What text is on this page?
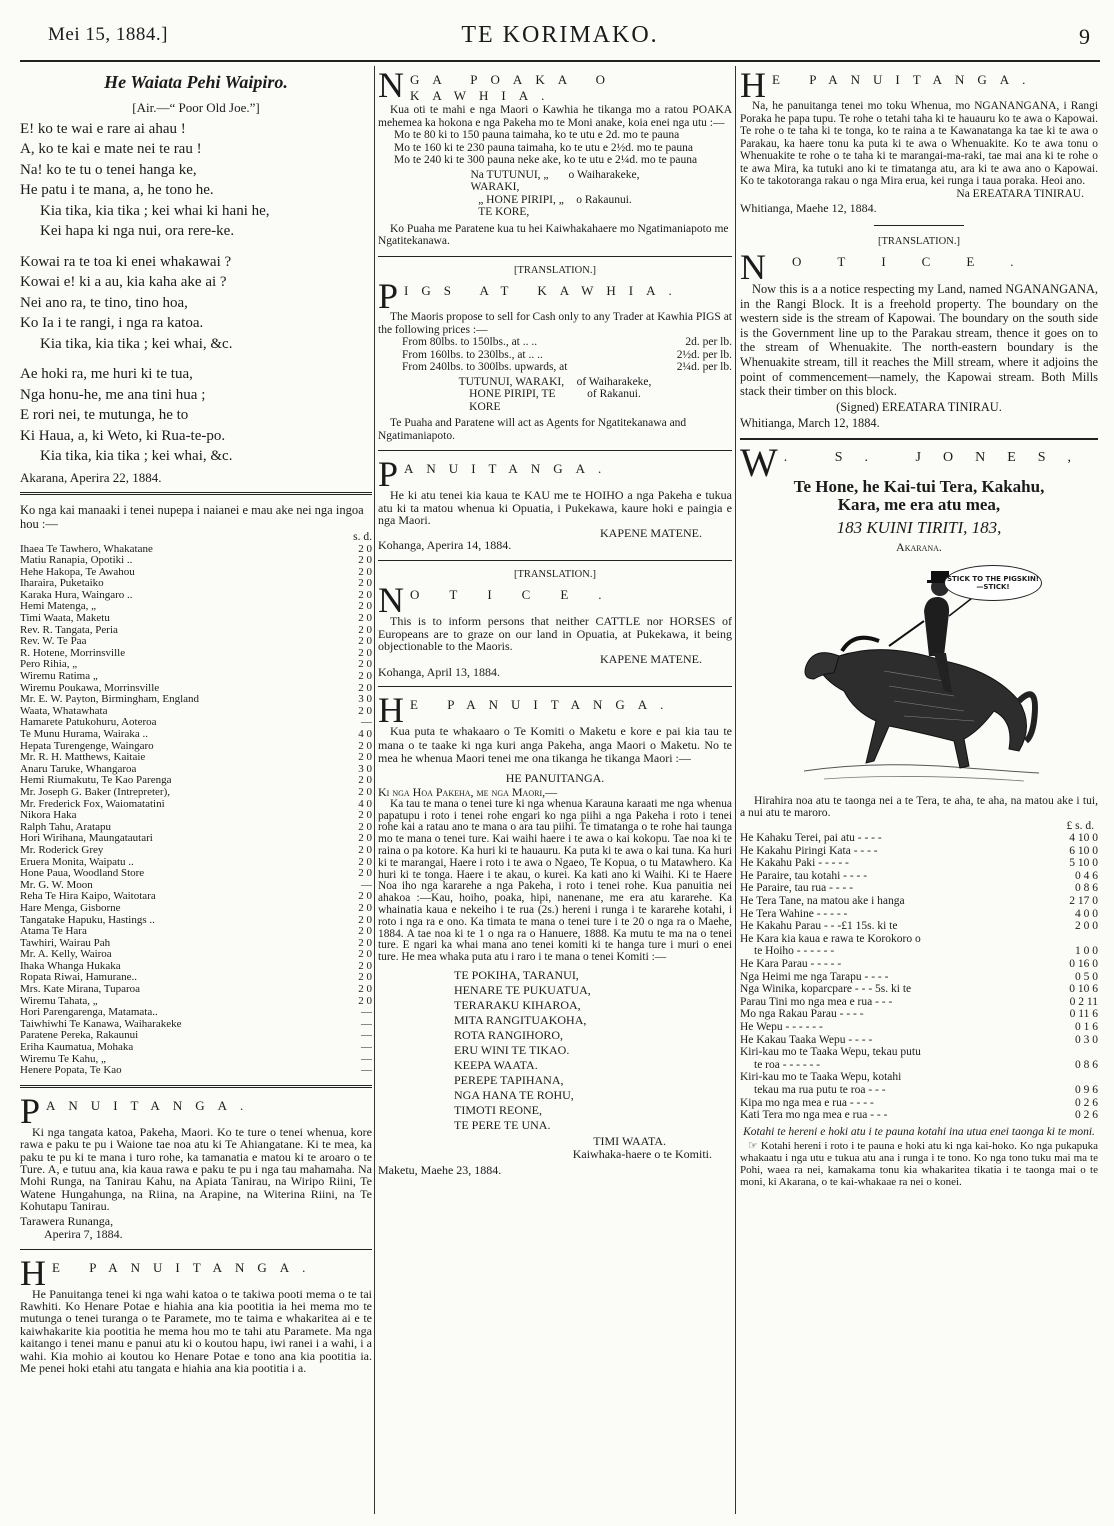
Mei 15, 1884.]	TE KORIMAKO.	9
He Waiata Pehi Waipiro.
[Air.—“ Poor Old Joe.”]

E! ko te wai e rare ai ahau !

A, ko te kai e mate nei te rau !

Na! ko te tu o tenei hanga ke,

He patu i te mana, a, he tono he.

Kia tika, kia tika ; kei whai ki hani he,

Kei hapa ki nga nui, ora rere-ke.

Kowai ra te toa ki enei whakawai ?

Kowai e! ki a au, kia kaha ake ai ?

Nei ano ra, te tino, tino hoa,

Ko Ia i te rangi, i nga ra katoa.

Kia tika, kia tika ; kei whai, &c.

Ae hoki ra, me huri ki te tua,

Nga honu-he, me ana tini hua ;

E rori nei, te mutunga, he to

Ki Haua, a, ki Weto, ki Rua-te-po.

Kia tika, kia tika ; kei whai, &c.

Akarana, Aperira 22, 1884.
Ko nga kai manaaki i tenei nupepa i naianei e mau ake nei nga ingoa hou :—
s. d.
Ihaea Te Tawhero, Whakatane	2 0
Matiu Ranapia, Opotiki ..	2 0
Hehe Hakopa, Te Awahou	2 0
Iharaira, Puketaiko	2 0
Karaka Hura, Waingaro ..	2 0
Hemi Matenga, „	2 0
Timi Waata, Maketu	2 0
Rev. R. Tangata, Peria	2 0
Rev. W. Te Paa	2 0
R. Hotene, Morrinsville	2 0
Pero Rihia, „	2 0
Wiremu Ratima „	2 0
Wiremu Poukawa, Morrinsville	2 0
Mr. E. W. Payton, Birmingham, England	3 0
Waata, Whatawhata	2 0
Hamarete Patukohuru, Aoteroa	—
Te Munu Hurama, Wairaka ..	4 0
Hepata Turengenge, Waingaro	2 0
Mr. R. H. Matthews, Kaitaie	2 0
Anaru Taruke, Whangaroa	3 0
Hemi Riumakutu, Te Kao Parenga	2 0
Mr. Joseph G. Baker (Intrepreter),	2 0
Mr. Frederick Fox, Waiomatatini	4 0
Nikora Haka	2 0
Ralph Tahu, Aratapu	2 0
Hori Wirihana, Maungatautari	2 0
Mr. Roderick Grey	2 0
Eruera Monita, Waipatu ..	2 0
Hone Paua, Woodland Store	2 0
Mr. G. W. Moon	—
Reha Te Hira Kaipo, Waitotara	2 0
Hare Menga, Gisborne	2 0
Tangatake Hapuku, Hastings ..	2 0
Atama Te Hara	2 0
Tawhiri, Wairau Pah	2 0
Mr. A. Kelly, Wairoa	2 0
Ihaka Whanga Hukaka	2 0
Ropata Riwai, Hamurane..	2 0
Mrs. Kate Mirana, Tuparoa	2 0
Wiremu Tahata, „	2 0
Hori Parengarenga, Matamata..	—
Taiwhiwhi Te Kanawa, Waiharakeke	—
Paratene Pereka, Rakaunui	—
Eriha Kaumatua, Mohaka	—
Wiremu Te Kahu, „	—
Henere Popata, Te Kao	—
P ANUITANGA.
Ki nga tangata katoa, Pakeha, Maori. Ko te ture o tenei whenua, kore rawa e paku te pu i Waione tae noa atu ki Te Ahiangatane. Ki te mea, ka paku te pu ki te mana i turo rohe, ka tamanatia e matou ki te aroaro o te Ture. A, e tutuu ana, kia kaua rawa e paku te pu i nga tau mahamaha. Na Mohi Runga, na Tanirau Kahu, na Apiata Tanirau, na Wiripo Riini, Te Watene Hungahunga, na Riina, na Arapine, na Witerina Riini, na Te Kohutapu Tanirau.
Tarawera Runanga,
Aperira 7, 1884.
H E PANUITANGA.
He Panuitanga tenei ki nga wahi katoa o te takiwa pooti mema o te tai Rawhiti. Ko Henare Potae e hiahia ana kia pootitia ia hei mema mo te mutunga o tenei turanga o te Paramete, mo te taima e whakaritea ai e te kaiwhakarite kia pootitia he mema hou mo te tahi atu Paramete. Ma nga kaitango i tenei manu e panui atu ki o koutou hapu, iwi ranei i a wahi, i a wahi. Kia mohio ai koutou ko Henare Potae e tono ana kia pootitia ia. Me penei hoki etahi atu tangata e hiahia ana kia pootitia i a.
N GA POAKA O KAWHIA.
Kua oti te mahi e nga Maori o Kawhia he tikanga mo a ratou POAKA mehemea ka hokona e nga Pakeha mo te Moni anake, koia enei nga utu :—
Mo te 80 ki to 150 pauna taimaha, ko te utu e 2d. mo te pauna
Mo te 160 ki te 230 pauna taimaha, ko te utu e 2½d. mo te pauna
Mo te 240 ki te 300 pauna neke ake, ko te utu e 2¼d. mo te pauna
Na TUTUNUI, „ WARAKI,
o Waiharakeke,
„ HONE PIRIPI, „ TE KORE,
o Rakaunui.
Ko Puaha me Paratene kua tu hei Kaiwhakahaere mo Ngatimaniapoto me Ngatitekanawa.
[TRANSLATION.]
P IGS AT KAWHIA.
The Maoris propose to sell for Cash only to any Trader at Kawhia PIGS at the following prices :—
From 80lbs. to 150lbs., at .. ..	2d. per lb.
From 160lbs. to 230lbs., at .. ..	2½d. per lb.
From 240lbs. to 300lbs. upwards, at	2¼d. per lb.
TUTUNUI, WARAKI,	of Waiharakeke,
HONE PIRIPI, TE KORE
of Rakanui.
Te Puaha and Paratene will act as Agents for Ngatitekanawa and Ngatimaniapoto.
P ANUITANGA.
He ki atu tenei kia kaua te KAU me te HOIHO a nga Pakeha e tukua atu ki ta matou whenua ki Opuatia, i Pukekawa, kaure hoki e paingia e nga Maori.
KAPENE MATENE.
Kohanga, Aperira 14, 1884.
[TRANSLATION.]
N OTICE.
This is to inform persons that neither CATTLE nor HORSES of Europeans are to graze on our land in Opuatia, at Pukekawa, it being objectionable to the Maoris.
KAPENE MATENE.
Kohanga, April 13, 1884.
H E PANUITANGA.
Kua puta te whakaaro o Te Komiti o Maketu e kore e pai kia tau te mana o te taake ki nga kuri anga Pakeha, anga Maori o Maketu. No te mea he whenua Maori tenei me ona tikanga he tikanga Maori :—
HE PANUITANGA.
Ki nga Hoa Pakeha, me nga Maori,—
Ka tau te mana o tenei ture ki nga whenua Karauna karaati me nga whenua papatupu i roto i tenei rohe engari ko nga piihi a nga Pakeha i roto i tenei rohe kai a ratau ano te mana o ara tau piihi. Te timatanga o te rohe hai taunga mo te mana o tenei ture. Kai waihi haere i te awa o kai kokopu. Tae noa ki te raina o pa kotore. Ka huri ki te hauauru. Ka puta ki te awa o kai tuna. Ka huri ki te marangai, Haere i roto i te awa o Ngaeo, Te Kopua, o tu Matawhero. Ka huri ki te tonga. Haere i te akau, o kurei. Ka kati ano ki Waihi. Ki te Haere Noa iho nga kararehe a nga Pakeha, i roto i tenei rohe. Kua panuitia nei ahakoa :—Kau, hoiho, poaka, hipi, nanenane, me era atu kararehe. Ka whainatia kaua e nekeiho i te rua (2s.) hereni i runga i te kararehe kotahi, i roto i nga ra e ono. Ka timata te mana o tenei ture i te 20 o nga ra o Maehe, 1884. A tae noa ki te 1 o nga ra o Hanuere, 1888. Ka mutu te ma na o tenei ture. E ngari ka whai mana ano tenei komiti ki te hanga ture i muri o enei ture. He mea whaka puta atu i raro i te mana o tenei Komiti :—
TE POKIHA, TARANUI,
HENARE TE PUKUATUA,
TERARAKU KIHAROA,
MITA RANGITUAKOHA,
ROTA RANGIHORO,
ERU WINI TE TIKAO.
KEEPA WAATA.
PEREPE TAPIHANA,
NGA HANA TE ROHU,
TIMOTI REONE,
TE PERE TE UNA.
TIMI WAATA.
Kaiwhaka-haere o te Komiti.
Maketu, Maehe 23, 1884.
H E PANUITANGA.
Na, he panuitanga tenei mo toku Whenua, mo NGANANGANA, i Rangi Poraka he papa tupu. Te rohe o tetahi taha ki te hauauru ko te awa o Kapowai. Te rohe o te taha ki te tonga, ko te raina a te Kawanatanga ka tae ki te awa o Parakau, ka haere tonu ka puta ki te awa o Whenuakite. Ko te awa tonu o Whenuakite te rohe o te taha ki te marangai-ma-raki, tae mai ana ki te rohe o te awa Mira, ka tutuki ano ki te timatanga atu, ara ki te awa ano o Kapowai. Ko te takotoranga rakau o nga Mira erua, kei runga i taua poraka. Heoi ano.
Na EREATARA TINIRAU.
Whitianga, Maehe 12, 1884.
[TRANSLATION.]
N	OTICE.
Now this is a a notice respecting my Land, named NGANANGANA, in the Rangi Block. It is a freehold property. The boundary on the western side is the stream of Kapowai. The boundary on the south side is the Government line up to the Parakau stream, thence it goes on to the stream of Whenuakite. The north-eastern boundary is the Whenuakite stream, till it reaches the Mill stream, where it adjoins the point of commencement—namely, the Kapowai stream. Both Mills stack their timber on this block.
(Signed) EREATARA TINIRAU.
Whitianga, March 12, 1884.
W . S. JONES,
Te Hone, he Kai-tui Tera, Kakahu,
Kara, me era atu mea,
183 KUINI TIRITI, 183,
Akarana.
STICK TO THE PIGSKIN!—STICK!
Hirahira noa atu te taonga nei a te Tera, te aha, te aha, na matou ake i tui, a nui atu te maroro.
£ s. d.
He Kahaku Terei, pai atu - - - -	4 10 0
He Kakahu Piringi Kata - - - -	6 10 0
He Kakahu Paki - - - - -	5 10 0
He Paraire, tau kotahi - - - -	0 4 6
He Paraire, tau rua - - - -	0 8 6
He Tera Tane, na matou ake i hanga	2 17 0
He Tera Wahine - - - - -	4 0 0
He Kakahu Parau - - -£1 15s. ki te	2 0 0
He Kara kia kaua e rawa te Korokoro o
te Hoiho - - - - - -	1 0 0
He Kara Parau - - - - -	0 16 0
Nga Heimi me nga Tarapu - - - -	0 5 0
Nga Winika, koparcpare - - - 5s. ki te	0 10 6
Parau Tini mo nga mea e rua - - -	0 2 11
Mo nga Rakau Parau - - - -	0 11 6
He Wepu - - - - - -	0 1 6
He Kakau Taaka Wepu - - - -	0 3 0
Kiri-kau mo te Taaka Wepu, tekau putu
te roa - - - - - -	0 8 6
Kiri-kau mo te Taaka Wepu, kotahi
tekau ma rua putu te roa - - -	0 9 6
Kipa mo nga mea e rua - - - -	0 2 6
Kati Tera mo nga mea e rua - - -	0 2 6
Kotahi te hereni e hoki atu i te pauna kotahi ina utua enei taonga ki te moni.
☞ Kotahi hereni i roto i te pauna e hoki atu ki nga kai-hoko. Ko nga pukapuka whakaatu i nga utu e tukua atu ana i runga i te tono. Ko nga tono tuku mai ma te Pohi, waea ra nei, kamakama tonu kia whakaritea tikatia i te taonga mai o te moni, ki Akarana, o te kai-whakaae ra nei o konei.
